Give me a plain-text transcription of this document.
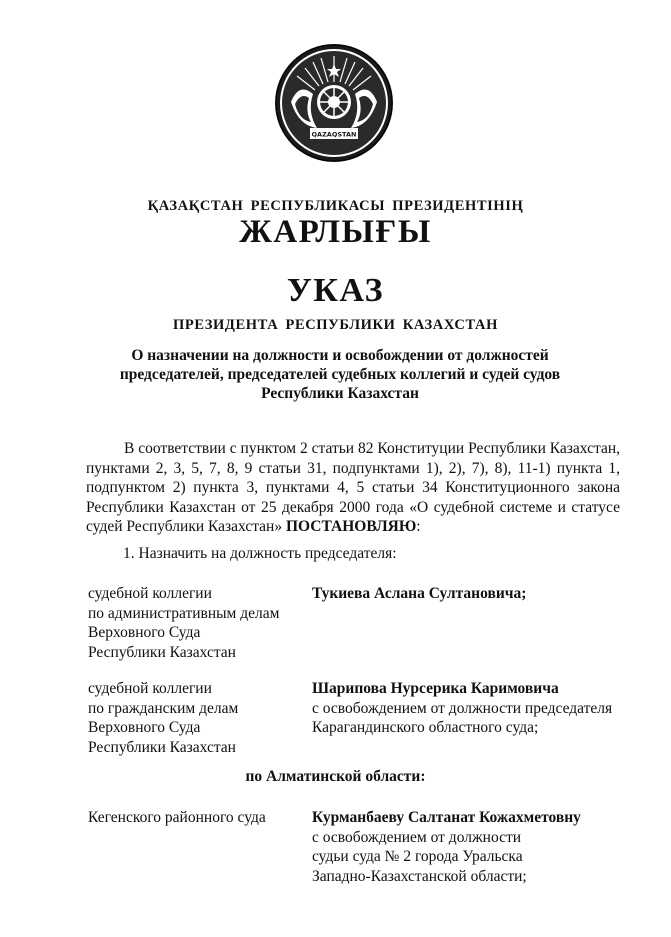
QAZAQSTAN
ҚАЗАҚСТАН РЕСПУБЛИКАСЫ ПРЕЗИДЕНТІНІҢ
ЖАРЛЫҒЫ
УКАЗ
ПРЕЗИДЕНТА РЕСПУБЛИКИ КАЗАХСТАН
О назначении на должности и освобождении от должностей
председателей, председателей судебных коллегий и судей судов
Республики Казахстан
В соответствии с пунктом 2 статьи 82 Конституции Республики Казахстан, пунктами 2, 3, 5, 7, 8, 9 статьи 31, подпунктами 1), 2), 7), 8), 11-1) пункта 1, подпунктом 2) пункта 3, пунктами 4, 5 статьи 34 Конституционного закона Республики Казахстан от 25 декабря 2000 года «О судебной системе и статусе судей Республики Казахстан» ПОСТАНОВЛЯЮ:
1. Назначить на должность председателя:
судебной коллегии
по административным делам
Верховного Суда
Республики Казахстан
Тукиева Аслана Султановича;
судебной коллегии
по гражданским делам
Верховного Суда
Республики Казахстан
Шарипова Нурсерика Каримовича
с освобождением от должности председателя
Карагандинского областного суда;
по Алматинской области:
Кегенского районного суда	Курманбаеву Салтанат Кожахметовну
с освобождением от должности
судьи суда № 2 города Уральска
Западно-Казахстанской области;
